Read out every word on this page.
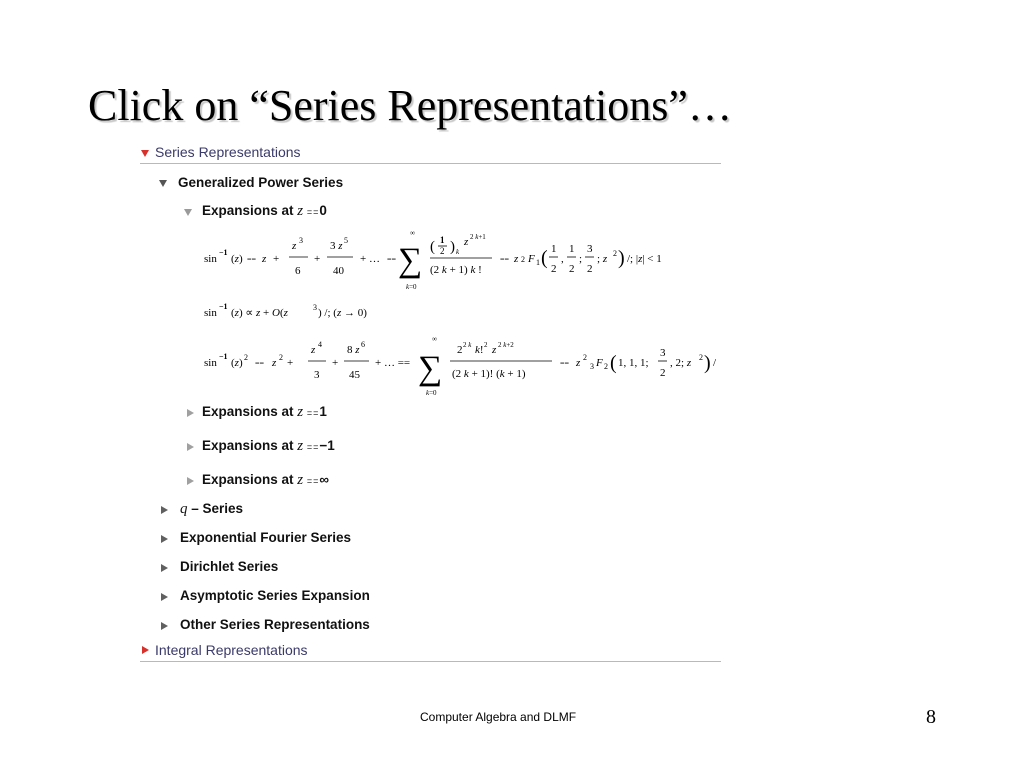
Click on “Series Representations”…
Series Representations
Generalized Power Series
Expansions at z ==0
sin
−1
(z) == z +
z 3
6
+
3 z 5
40
+ … ==
∞
∑
k=0
( 1
2 ) k
z 2 k+1
(2 k + 1) k !
== z 2 F 1 ( 1
2
,
1
2
;
3
2
; z 2 ) /; |z| < 1
sin
−1
(z) ∝ z + O(z	3 ) /; (z → 0)
sin
−1
(z) 2
== z 2 +
z 4
3
+
8 z 6
45
+ … ==
∞
∑
k=0
2 2 k k! 2 z 2 k+2
(2 k + 1)! (k + 1)
== z 2
3 F 2 ( 1, 1, 1;
3
2
, 2; z 2 ) /
Expansions at z ==1
Expansions at z ==−1
Expansions at z ==∞
q – Series
Exponential Fourier Series
Dirichlet Series
Asymptotic Series Expansion
Other Series Representations
Integral Representations
Computer Algebra and DLMF	8
